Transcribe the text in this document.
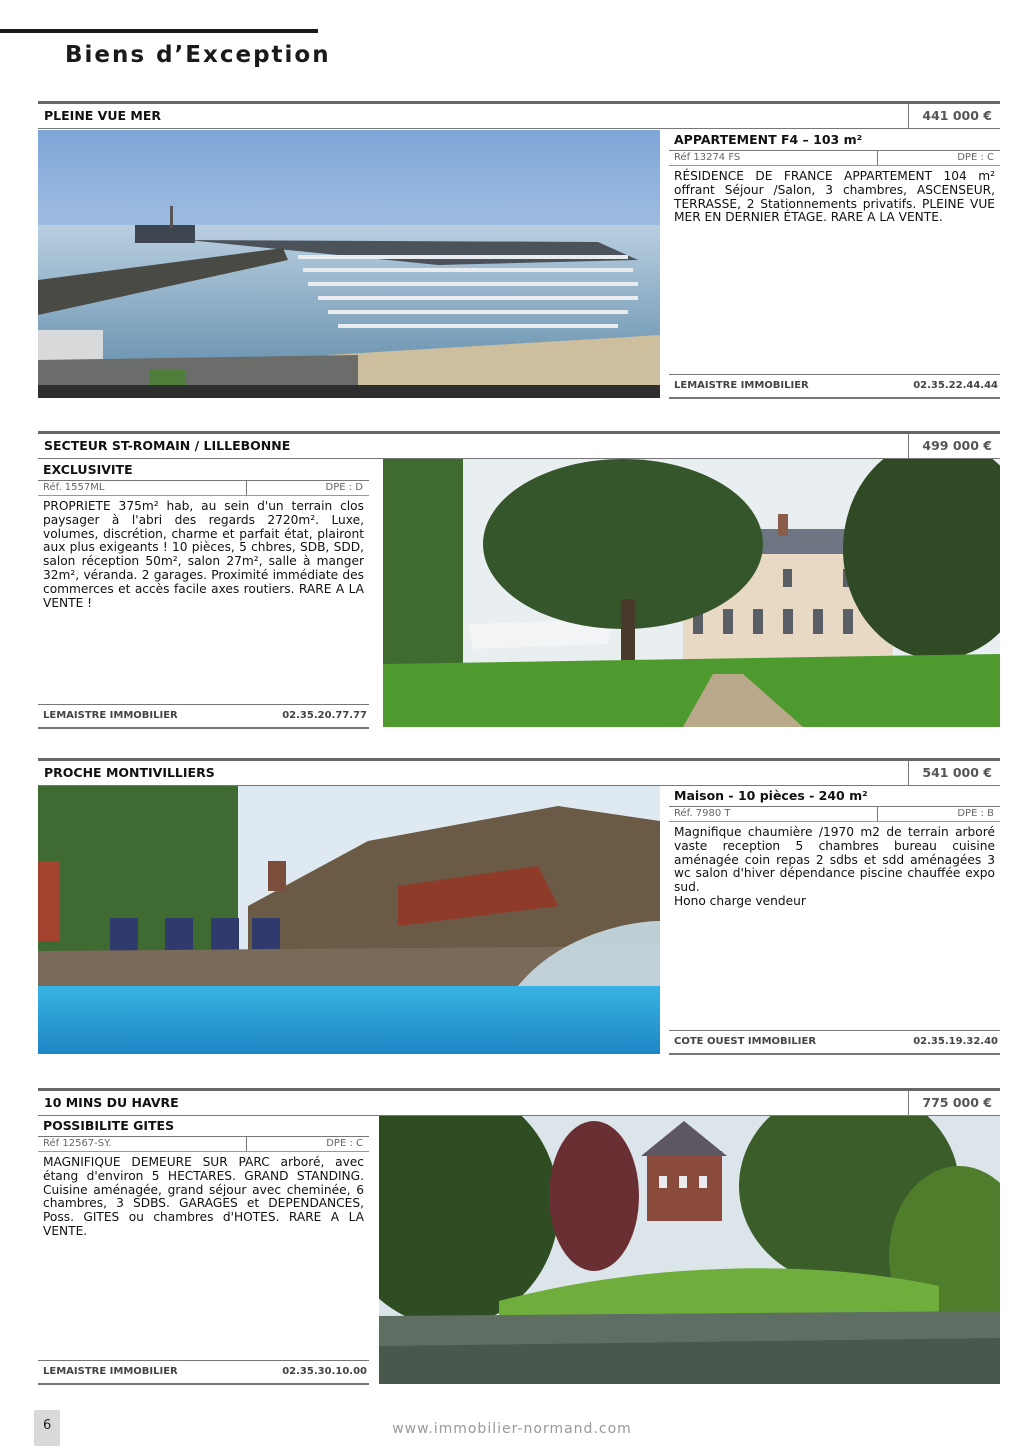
Biens d’Exception
PLEINE VUE MER	441 000 €
APPARTEMENT F4 – 103 m²
Réf 13274 FS	DPE : C
RÉSIDENCE DE FRANCE APPARTEMENT 104 m² offrant Séjour /Salon, 3 chambres, ASCENSEUR, TERRASSE, 2 Stationnements privatifs. PLEINE VUE MER EN DERNIER ÉTAGE. RARE A LA VENTE.
LEMAISTRE IMMOBILIER	02.35.22.44.44
SECTEUR ST-ROMAIN / LILLEBONNE	499 000 €
EXCLUSIVITE
Réf. 1557ML	DPE : D
PROPRIETE 375m² hab, au sein d'un terrain clos paysager à l'abri des regards 2720m². Luxe, volumes, discrétion, charme et parfait état, plairont aux plus exigeants ! 10 pièces, 5 chbres, SDB, SDD, salon réception 50m², salon 27m², salle à manger 32m², véranda. 2 garages. Proximité immédiate des commerces et accès facile axes routiers. RARE A LA VENTE !
LEMAISTRE IMMOBILIER	02.35.20.77.77
PROCHE MONTIVILLIERS	541 000 €
Maison - 10 pièces - 240 m²
Réf. 7980 T	DPE : B
Magnifique chaumière /1970 m2 de terrain arboré vaste reception 5 chambres bureau cuisine aménagée coin repas 2 sdbs et sdd aménagées 3 wc salon d'hiver dépendance piscine chauffée expo sud.

Hono charge vendeur
COTE OUEST IMMOBILIER	02.35.19.32.40
10 MINS DU HAVRE	775 000 €
POSSIBILITE GITES
Réf 12567-SY.	DPE : C
MAGNIFIQUE DEMEURE SUR PARC arboré, avec étang d'environ 5 HECTARES. GRAND STANDING. Cuisine aménagée, grand séjour avec cheminée, 6 chambres, 3 SDBS. GARAGES et DEPENDANCES, Poss. GITES ou chambres d'HOTES. RARE A LA VENTE.
LEMAISTRE IMMOBILIER	02.35.30.10.00
6	www.immobilier-normand.com
